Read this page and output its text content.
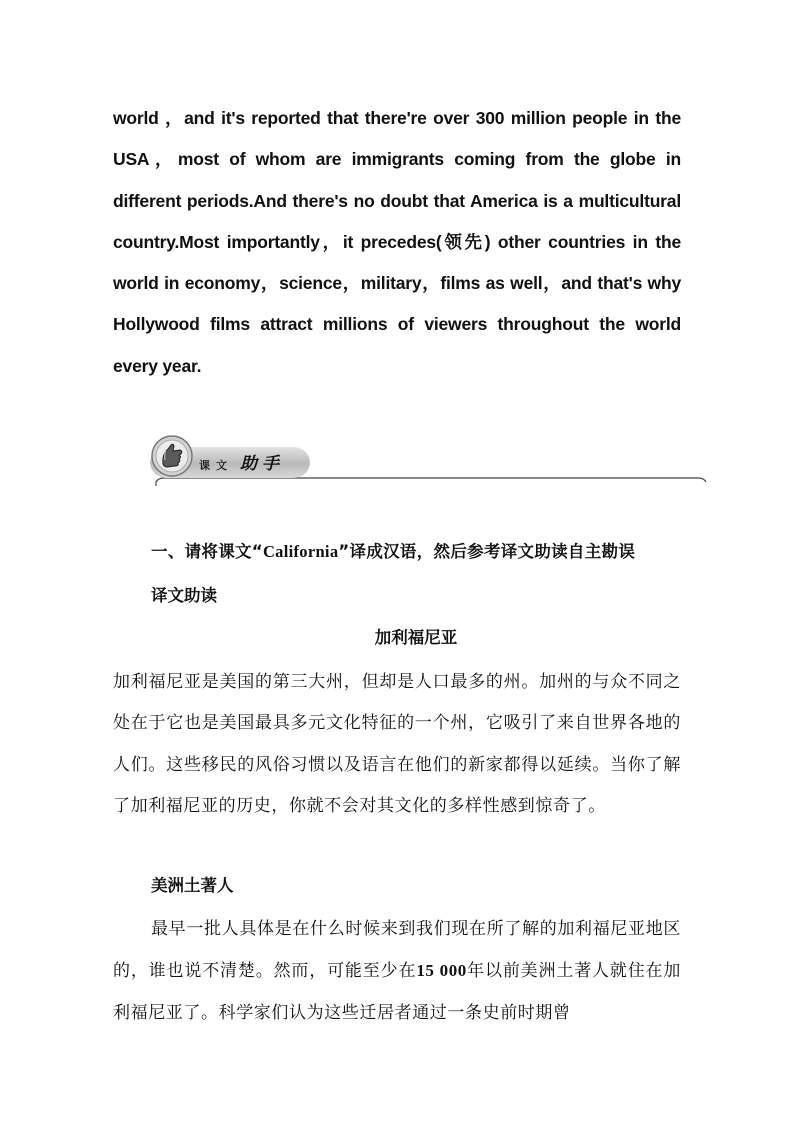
world ，and it's reported that there're over 300 million people in the USA，most of whom are immigrants coming from the globe in different periods.And there's no doubt that America is a multicultural country.Most importantly，it precedes(领先) other countries in the world in economy，science，military，films as well，and that's why Hollywood films attract millions of viewers throughout the world every year.

课文 助手

一、请将课文“California”译成汉语，然后参考译文助读自主勘误

译文助读

加利福尼亚

加利福尼亚是美国的第三大州，但却是人口最多的州。加州的与众不同之处在于它也是美国最具多元文化特征的一个州，它吸引了来自世界各地的人们。这些移民的风俗习惯以及语言在他们的新家都得以延续。当你了解了加利福尼亚的历史，你就不会对其文化的多样性感到惊奇了。

美洲土著人

最早一批人具体是在什么时候来到我们现在所了解的加利福尼亚地区的，谁也说不清楚。然而，可能至少在15 000年以前美洲土著人就住在加利福尼亚了。科学家们认为这些迁居者通过一条史前时期曾
